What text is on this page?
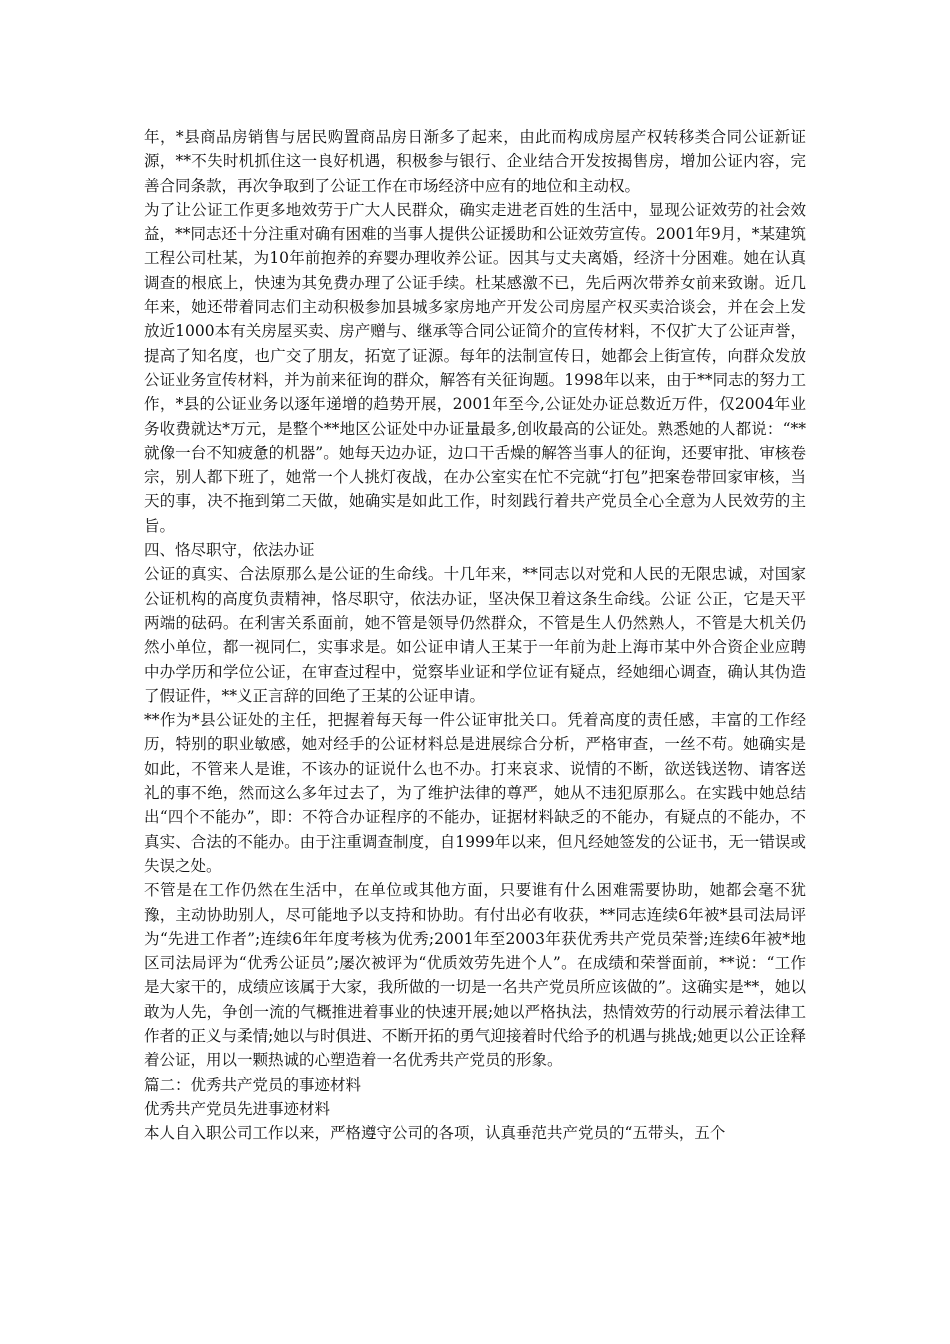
年，*县商品房销售与居民购置商品房日渐多了起来，由此而构成房屋产权转移类合同公证新证源，**不失时机抓住这一良好机遇，积极参与银行、企业结合开发按揭售房，增加公证内容，完善合同条款，再次争取到了公证工作在市场经济中应有的地位和主动权。

为了让公证工作更多地效劳于广大人民群众，确实走进老百姓的生活中，显现公证效劳的社会效益，**同志还十分注重对确有困难的当事人提供公证援助和公证效劳宣传。2001年9月，*某建筑工程公司杜某，为10年前抱养的弃婴办理收养公证。因其与丈夫离婚，经济十分困难。她在认真调查的根底上，快速为其免费办理了公证手续。杜某感激不已，先后两次带养女前来致谢。近几年来，她还带着同志们主动积极参加县城多家房地产开发公司房屋产权买卖洽谈会，并在会上发放近1000本有关房屋买卖、房产赠与、继承等合同公证简介的宣传材料，不仅扩大了公证声誉，提高了知名度，也广交了朋友，拓宽了证源。每年的法制宣传日，她都会上街宣传，向群众发放公证业务宣传材料，并为前来征询的群众，解答有关征询题。1998年以来，由于**同志的努力工作，*县的公证业务以逐年递增的趋势开展，2001年至今,公证处办证总数近万件，仅2004年业务收费就达*万元，是整个**地区公证处中办证量最多,创收最高的公证处。熟悉她的人都说：“**就像一台不知疲惫的机器”。她每天边办证，边口干舌燥的解答当事人的征询，还要审批、审核卷宗，别人都下班了，她常一个人挑灯夜战，在办公室实在忙不完就“打包”把案卷带回家审核，当天的事，决不拖到第二天做，她确实是如此工作，时刻践行着共产党员全心全意为人民效劳的主旨。

四、恪尽职守，依法办证

公证的真实、合法原那么是公证的生命线。十几年来，**同志以对党和人民的无限忠诚，对国家公证机构的高度负责精神，恪尽职守，依法办证，坚决保卫着这条生命线。公证 公正，它是天平两端的砝码。在利害关系面前，她不管是领导仍然群众，不管是生人仍然熟人，不管是大机关仍然小单位，都一视同仁，实事求是。如公证申请人王某于一年前为赴上海市某中外合资企业应聘中办学历和学位公证，在审查过程中，觉察毕业证和学位证有疑点，经她细心调查，确认其伪造了假证件，**义正言辞的回绝了王某的公证申请。

**作为*县公证处的主任，把握着每天每一件公证审批关口。凭着高度的责任感，丰富的工作经历，特别的职业敏感，她对经手的公证材料总是进展综合分析，严格审查，一丝不苟。她确实是如此，不管来人是谁，不该办的证说什么也不办。打来哀求、说情的不断，欲送钱送物、请客送礼的事不绝，然而这么多年过去了，为了维护法律的尊严，她从不违犯原那么。在实践中她总结出“四个不能办”，即：不符合办证程序的不能办，证据材料缺乏的不能办，有疑点的不能办，不真实、合法的不能办。由于注重调查制度，自1999年以来，但凡经她签发的公证书，无一错误或失误之处。

不管是在工作仍然在生活中，在单位或其他方面，只要谁有什么困难需要协助，她都会毫不犹豫，主动协助别人，尽可能地予以支持和协助。有付出必有收获，**同志连续6年被*县司法局评为“先进工作者”;连续6年年度考核为优秀;2001年至2003年获优秀共产党员荣誉;连续6年被*地区司法局评为“优秀公证员”;屡次被评为“优质效劳先进个人”。在成绩和荣誉面前，**说：“工作是大家干的，成绩应该属于大家，我所做的一切是一名共产党员所应该做的”。这确实是**，她以敢为人先，争创一流的气概推进着事业的快速开展;她以严格执法，热情效劳的行动展示着法律工作者的正义与柔情;她以与时俱进、不断开拓的勇气迎接着时代给予的机遇与挑战;她更以公正诠释着公证，用以一颗热诚的心塑造着一名优秀共产党员的形象。

篇二：优秀共产党员的事迹材料

优秀共产党员先进事迹材料

本人自入职公司工作以来，严格遵守公司的各项，认真垂范共产党员的“五带头，五个
